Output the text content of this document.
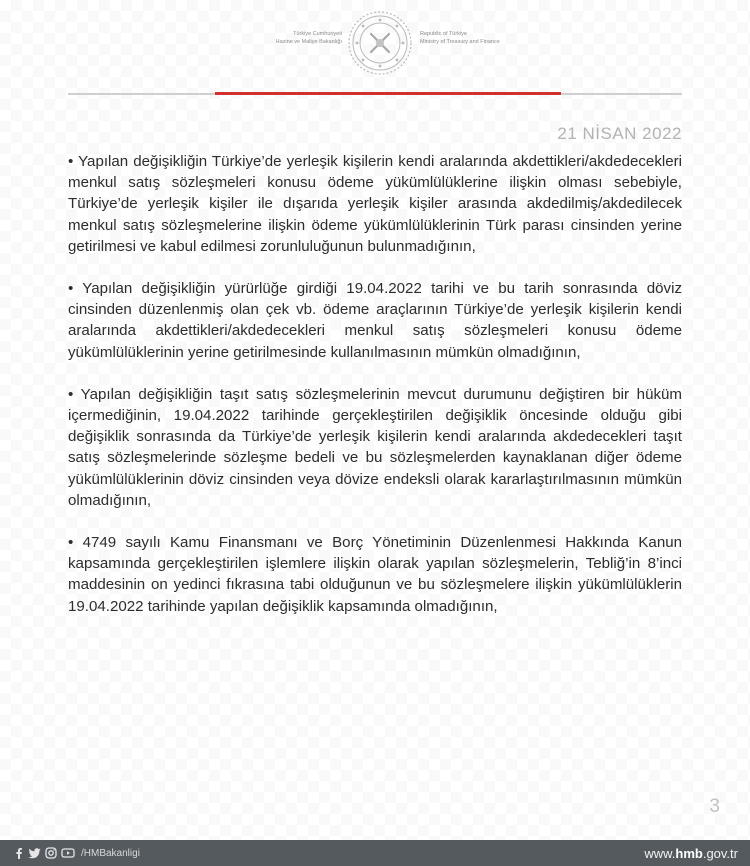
Türkiye Cumhuriyeti
Hazine ve Maliye Bakanlığı
Republic of Türkiye
Ministry of Treasury and Finance
21 NİSAN 2022

• Yapılan değişikliğin Türkiye’de yerleşik kişilerin kendi aralarında akdettikleri/akdedecekleri menkul satış sözleşmeleri konusu ödeme yükümlülüklerine ilişkin olması sebebiyle, Türkiye’de yerleşik kişiler ile dışarıda yerleşik kişiler arasında akdedilmiş/akdedilecek menkul satış sözleşmelerine ilişkin ödeme yükümlülüklerinin Türk parası cinsinden yerine getirilmesi ve kabul edilmesi zorunluluğunun bulunmadığının,

• Yapılan değişikliğin yürürlüğe girdiği 19.04.2022 tarihi ve bu tarih sonrasında döviz cinsinden düzenlenmiş olan çek vb. ödeme araçlarının Türkiye’de yerleşik kişilerin kendi aralarında akdettikleri/akdedecekleri menkul satış sözleşmeleri konusu ödeme yükümlülüklerinin yerine getirilmesinde kullanılmasının mümkün olmadığının,

• Yapılan değişikliğin taşıt satış sözleşmelerinin mevcut durumunu değiştiren bir hüküm içermediğinin, 19.04.2022 tarihinde gerçekleştirilen değişiklik öncesinde olduğu gibi değişiklik sonrasında da Türkiye’de yerleşik kişilerin kendi aralarında akdedecekleri taşıt satış sözleşmelerinde sözleşme bedeli ve bu sözleşmelerden kaynaklanan diğer ödeme yükümlülüklerinin döviz cinsinden veya dövize endeksli olarak kararlaştırılmasının mümkün olmadığının,

• 4749 sayılı Kamu Finansmanı ve Borç Yönetiminin Düzenlenmesi Hakkında Kanun kapsamında gerçekleştirilen işlemlere ilişkin olarak yapılan sözleşmelerin, Tebliğ’in 8’inci maddesinin on yedinci fıkrasına tabi olduğunun ve bu sözleşmelere ilişkin yükümlülüklerin 19.04.2022 tarihinde yapılan değişiklik kapsamında olmadığının,

3
/HMBakanligi	www.hmb.gov.tr
